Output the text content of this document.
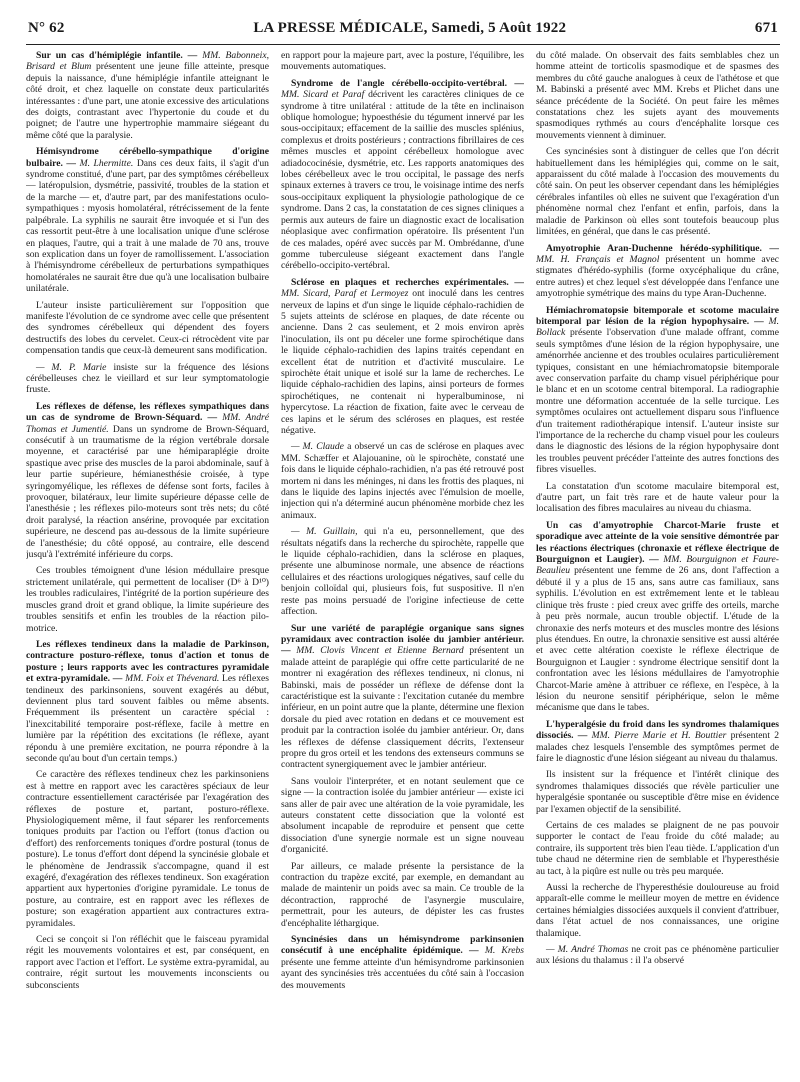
N° 62	LA PRESSE MÉDICALE, Samedi, 5 Août 1922	671

Sur un cas d'hémiplégie infantile. — MM. Babonneix, Brisard et Blum présentent une jeune fille atteinte, presque depuis la naissance, d'une hémiplégie infantile atteignant le côté droit, et chez laquelle on constate deux particularités intéressantes : d'une part, une atonie excessive des articulations des doigts, contrastant avec l'hypertonie du coude et du poignet; de l'autre une hypertrophie mammaire siégeant du même côté que la paralysie.

Hémisyndrome cérébello-sympathique d'origine bulbaire. — M. Lhermitte. Dans ces deux faits, il s'agit d'un syndrome constitué, d'une part, par des symptômes cérébelleux — latéropulsion, dysmétrie, passivité, troubles de la station et de la marche — et, d'autre part, par des manifestations oculo-sympathiques : myosis homolatéral, rétrécissement de la fente palpébrale. La syphilis ne saurait être invoquée et si l'un des cas ressortit peut-être à une localisation unique d'une sclérose en plaques, l'autre, qui a trait à une malade de 70 ans, trouve son explication dans un foyer de ramollissement. L'association à l'hémisyndrome cérébelleux de perturbations sympathiques homolatérales ne saurait être due qu'à une localisation bulbaire unilatérale.

L'auteur insiste particulièrement sur l'opposition que manifeste l'évolution de ce syndrome avec celle que présentent des syndromes cérébelleux qui dépendent des foyers destructifs des lobes du cervelet. Ceux-ci rétrocèdent vite par compensation tandis que ceux-là demeurent sans modification.

— M. P. Marie insiste sur la fréquence des lésions cérébelleuses chez le vieillard et sur leur symptomatologie fruste.

Les réflexes de défense, les réflexes sympathiques dans un cas de syndrome de Brown-Séquard. — MM. André Thomas et Jumentié. Dans un syndrome de Brown-Séquard, consécutif à un traumatisme de la région vertébrale dorsale moyenne, et caractérisé par une hémiparaplégie droite spastique avec prise des muscles de la paroi abdominale, sauf à leur partie supérieure, hémianesthésie croisée, à type syringomyélique, les réflexes de défense sont forts, faciles à provoquer, bilatéraux, leur limite supérieure dépasse celle de l'anesthésie ; les réflexes pilo-moteurs sont très nets; du côté droit paralysé, la réaction ansérine, provoquée par excitation supérieure, ne descend pas au-dessous de la limite supérieure de l'anesthésie; du côté opposé, au contraire, elle descend jusqu'à l'extrémité inférieure du corps.

Ces troubles témoignent d'une lésion médullaire presque strictement unilatérale, qui permettent de localiser (D⁶ à D¹⁰) les troubles radiculaires, l'intégrité de la portion supérieure des muscles grand droit et grand oblique, la limite supérieure des troubles sensitifs et enfin les troubles de la réaction pilo-motrice.

Les réflexes tendineux dans la maladie de Parkinson, contracture posturo-réflexe, tonus d'action et tonus de posture ; leurs rapports avec les contractures pyramidale et extra-pyramidale. — MM. Foix et Thévenard. Les réflexes tendineux des parkinsoniens, souvent exagérés au début, deviennent plus tard souvent faibles ou même absents. Fréquemment ils présentent un caractère spécial : l'inexcitabilité temporaire post-réflexe, facile à mettre en lumière par la répétition des excitations (le réflexe, ayant répondu à une première excitation, ne pourra répondre à la seconde qu'au bout d'un certain temps.)

Ce caractère des réflexes tendineux chez les parkinsoniens est à mettre en rapport avec les caractères spéciaux de leur contracture essentiellement caractérisée par l'exagération des réflexes de posture et, partant, posturo-réflexe. Physiologiquement même, il faut séparer les renforcements toniques produits par l'action ou l'effort (tonus d'action ou d'effort) des renforcements toniques d'ordre postural (tonus de posture). Le tonus d'effort dont dépend la syncinésie globale et le phénomène de Jendrassik s'accompagne, quand il est exagéré, d'exagération des réflexes tendineux. Son exagération appartient aux hypertonies d'origine pyramidale. Le tonus de posture, au contraire, est en rapport avec les réflexes de posture; son exagération appartient aux contractures extra-pyramidales.

Ceci se conçoit si l'on réfléchit que le faisceau pyramidal régit les mouvements volontaires et est, par conséquent, en rapport avec l'action et l'effort. Le système extra-pyramidal, au contraire, régit surtout les mouvements inconscients ou subconscients

en rapport pour la majeure part, avec la posture, l'équilibre, les mouvements automatiques.

Syndrome de l'angle cérébello-occipito-vertébral. — MM. Sicard et Paraf décrivent les caractères cliniques de ce syndrome à titre unilatéral : attitude de la tête en inclinaison oblique homologue; hypoesthésie du tégument innervé par les sous-occipitaux; effacement de la saillie des muscles splénius, complexus et droits postérieurs ; contractions fibrillaires de ces mêmes muscles et appoint cérébelleux homologue avec adiadococinésie, dysmétrie, etc. Les rapports anatomiques des lobes cérébelleux avec le trou occipital, le passage des nerfs spinaux externes à travers ce trou, le voisinage intime des nerfs sous-occipitaux expliquent la physiologie pathologique de ce syndrome. Dans 2 cas, la constatation de ces signes cliniques a permis aux auteurs de faire un diagnostic exact de localisation néoplasique avec confirmation opératoire. Ils présentent l'un de ces malades, opéré avec succès par M. Ombrédanne, d'une gomme tuberculeuse siégeant exactement dans l'angle cérébello-occipito-vertébral.

Sclérose en plaques et recherches expérimentales. — MM. Sicard, Paraf et Lermoyez ont inoculé dans les centres nerveux de lapins et d'un singe le liquide céphalo-rachidien de 5 sujets atteints de sclérose en plaques, de date récente ou ancienne. Dans 2 cas seulement, et 2 mois environ après l'inoculation, ils ont pu déceler une forme spirochétique dans le liquide céphalo-rachidien des lapins traités cependant en excellent état de nutrition et d'activité musculaire. Le spirochète était unique et isolé sur la lame de recherches. Le liquide céphalo-rachidien des lapins, ainsi porteurs de formes spirochétiques, ne contenait ni hyperalbuminose, ni hypercytose. La réaction de fixation, faite avec le cerveau de ces lapins et le sérum des scléroses en plaques, est restée négative.

— M. Claude a observé un cas de sclérose en plaques avec MM. Schæffer et Alajouanine, où le spirochète, constaté une fois dans le liquide céphalo-rachidien, n'a pas été retrouvé post mortem ni dans les méninges, ni dans les frottis des plaques, ni dans le liquide des lapins injectés avec l'émulsion de moelle, injection qui n'a déterminé aucun phénomène morbide chez les animaux.

— M. Guillain, qui n'a eu, personnellement, que des résultats négatifs dans la recherche du spirochète, rappelle que le liquide céphalo-rachidien, dans la sclérose en plaques, présente une albuminose normale, une absence de réactions cellulaires et des réactions urologiques négatives, sauf celle du benjoin colloïdal qui, plusieurs fois, fut suspositive. Il n'en reste pas moins persuadé de l'origine infectieuse de cette affection.

Sur une variété de paraplégie organique sans signes pyramidaux avec contraction isolée du jambier antérieur. — MM. Clovis Vincent et Etienne Bernard présentent un malade atteint de paraplégie qui offre cette particularité de ne montrer ni exagération des réflexes tendineux, ni clonus, ni Babinski, mais de posséder un réflexe de défense dont la caractéristique est la suivante : l'excitation cutanée du membre inférieur, en un point autre que la plante, détermine une flexion dorsale du pied avec rotation en dedans et ce mouvement est produit par la contraction isolée du jambier antérieur. Or, dans les réflexes de défense classiquement décrits, l'extenseur propre du gros orteil et les tendons des extenseurs communs se contractent synergiquement avec le jambier antérieur.

Sans vouloir l'interpréter, et en notant seulement que ce signe — la contraction isolée du jambier antérieur — existe ici sans aller de pair avec une altération de la voie pyramidale, les auteurs constatent cette dissociation que la volonté est absolument incapable de reproduire et pensent que cette dissociation d'une synergie normale est un signe nouveau d'organicité.

Par ailleurs, ce malade présente la persistance de la contraction du trapèze excité, par exemple, en demandant au malade de maintenir un poids avec sa main. Ce trouble de la décontraction, rapproché de l'asynergie musculaire, permettrait, pour les auteurs, de dépister les cas frustes d'encéphalite léthargique.

Syncinésies dans un hémisyndrome parkinsonien consécutif à une encéphalite épidémique. — M. Krebs présente une femme atteinte d'un hémisyndrome parkinsonien ayant des syncinésies très accentuées du côté sain à l'occasion des mouvements

du côté malade. On observait des faits semblables chez un homme atteint de torticolis spasmodique et de spasmes des membres du côté gauche analogues à ceux de l'athétose et que M. Babinski a présenté avec MM. Krebs et Plichet dans une séance précédente de la Société. On peut faire les mêmes constatations chez les sujets ayant des mouvements spasmodiques rythmés au cours d'encéphalite lorsque ces mouvements viennent à diminuer.

Ces syncinésies sont à distinguer de celles que l'on décrit habituellement dans les hémiplégies qui, comme on le sait, apparaissent du côté malade à l'occasion des mouvements du côté sain. On peut les observer cependant dans les hémiplégies cérébrales infantiles où elles ne suivent que l'exagération d'un phénomène normal chez l'enfant et enfin, parfois, dans la maladie de Parkinson où elles sont toutefois beaucoup plus limitées, en général, que dans le cas présenté.

Amyotrophie Aran-Duchenne hérédo-syphilitique. — MM. H. Français et Magnol présentent un homme avec stigmates d'hérédo-syphilis (forme oxycéphalique du crâne, entre autres) et chez lequel s'est développée dans l'enfance une amyotrophie symétrique des mains du type Aran-Duchenne.

Hémiachromatopsie bitemporale et scotome maculaire bitemporal par lésion de la région hypophysaire. — M. Bollack présente l'observation d'une malade offrant, comme seuls symptômes d'une lésion de la région hypophysaire, une aménorrhée ancienne et des troubles oculaires particulièrement typiques, consistant en une hémiachromatopsie bitemporale avec conservation parfaite du champ visuel périphérique pour le blanc et en un scotome central bitemporal. La radiographie montre une déformation accentuée de la selle turcique. Les symptômes oculaires ont actuellement disparu sous l'influence d'un traitement radiothérapique intensif. L'auteur insiste sur l'importance de la recherche du champ visuel pour les couleurs dans le diagnostic des lésions de la région hypophysaire dont les troubles peuvent précéder l'atteinte des autres fonctions des fibres visuelles.

La constatation d'un scotome maculaire bitemporal est, d'autre part, un fait très rare et de haute valeur pour la localisation des fibres maculaires au niveau du chiasma.

Un cas d'amyotrophie Charcot-Marie fruste et sporadique avec atteinte de la voie sensitive démontrée par les réactions électriques (chronaxie et réflexe électrique de Bourguignon et Laugier). — MM. Bourguignon et Faure-Beaulieu présentent une femme de 26 ans, dont l'affection a débuté il y a plus de 15 ans, sans autre cas familiaux, sans syphilis. L'évolution en est extrêmement lente et le tableau clinique très fruste : pied creux avec griffe des orteils, marche à peu près normale, aucun trouble objectif. L'étude de la chronaxie des nerfs moteurs et des muscles montre des lésions plus étendues. En outre, la chronaxie sensitive est aussi altérée et avec cette altération coexiste le réflexe électrique de Bourguignon et Laugier : syndrome électrique sensitif dont la confrontation avec les lésions médullaires de l'amyotrophie Charcot-Marie amène à attribuer ce réflexe, en l'espèce, à la lésion du neurone sensitif périphérique, selon le même mécanisme que dans le tabes.

L'hyperalgésie du froid dans les syndromes thalamiques dissociés. — MM. Pierre Marie et H. Bouttier présentent 2 malades chez lesquels l'ensemble des symptômes permet de faire le diagnostic d'une lésion siégeant au niveau du thalamus.

Ils insistent sur la fréquence et l'intérêt clinique des syndromes thalamiques dissociés que révèle particulier une hyperalgésie spontanée ou susceptible d'être mise en évidence par l'examen objectif de la sensibilité.

Certains de ces malades se plaignent de ne pas pouvoir supporter le contact de l'eau froide du côté malade; au contraire, ils supportent très bien l'eau tiède. L'application d'un tube chaud ne détermine rien de semblable et l'hyperesthésie au tact, à la piqûre est nulle ou très peu marquée.

Aussi la recherche de l'hyperesthésie douloureuse au froid apparaît-elle comme le meilleur moyen de mettre en évidence certaines hémialgies dissociées auxquels il convient d'attribuer, dans l'état actuel de nos connaissances, une origine thalamique.

— M. André Thomas ne croit pas ce phénomène particulier aux lésions du thalamus : il l'a observé
